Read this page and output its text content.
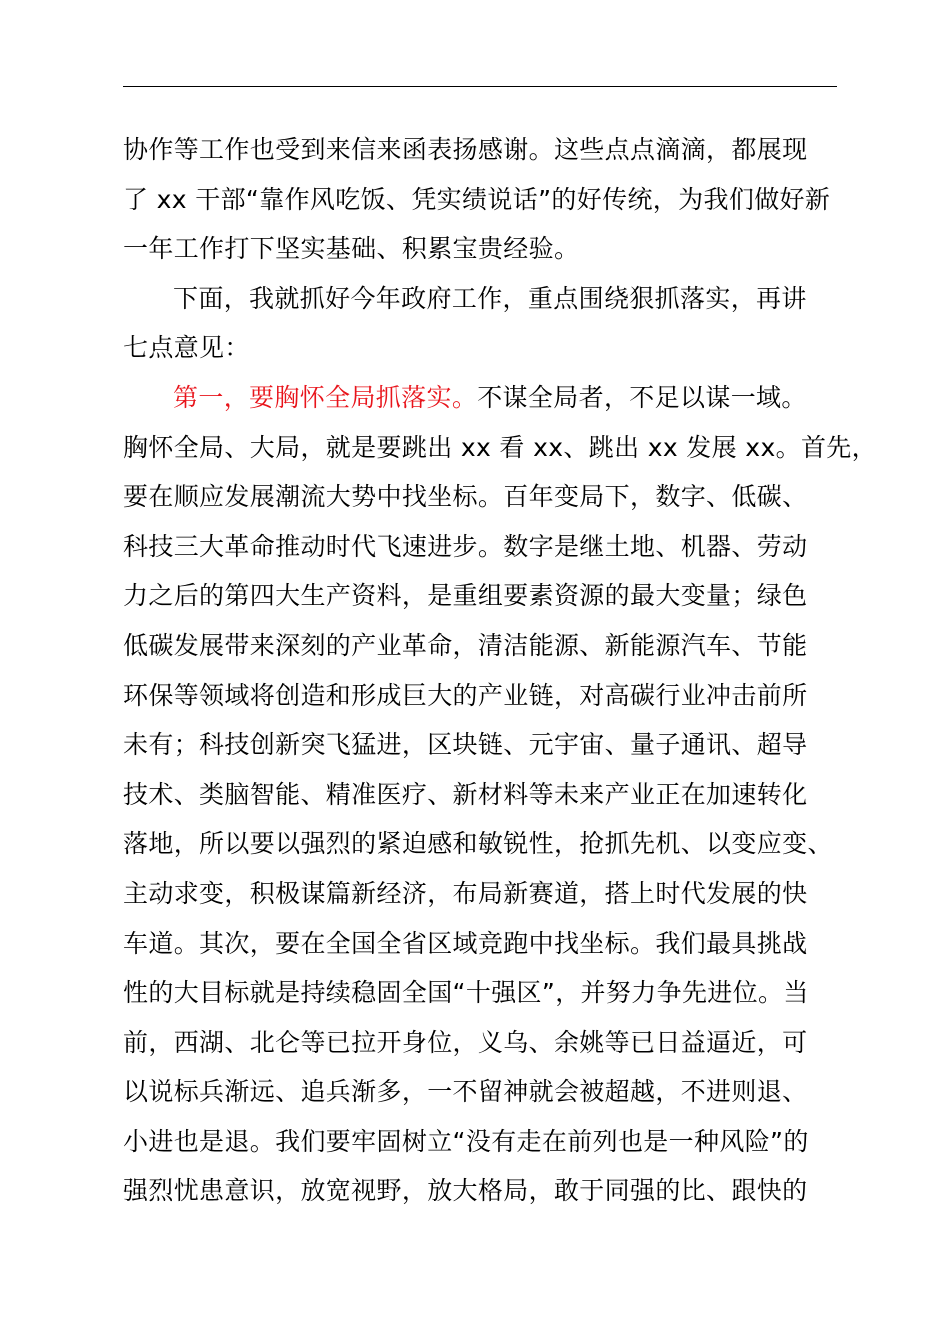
协作等工作也受到来信来函表扬感谢。这些点点滴滴，都展现
了 xx 干部“靠作风吃饭、凭实绩说话”的好传统，为我们做好新
一年工作打下坚实基础、积累宝贵经验。
下面，我就抓好今年政府工作，重点围绕狠抓落实，再讲
七点意见：
第一，要胸怀全局抓落实。不谋全局者，不足以谋一域。
胸怀全局、大局，就是要跳出 xx 看 xx、跳出 xx 发展 xx。首先，
要在顺应发展潮流大势中找坐标。百年变局下，数字、低碳、
科技三大革命推动时代飞速进步。数字是继土地、机器、劳动
力之后的第四大生产资料，是重组要素资源的最大变量；绿色
低碳发展带来深刻的产业革命，清洁能源、新能源汽车、节能
环保等领域将创造和形成巨大的产业链，对高碳行业冲击前所
未有；科技创新突飞猛进，区块链、元宇宙、量子通讯、超导
技术、类脑智能、精准医疗、新材料等未来产业正在加速转化
落地，所以要以强烈的紧迫感和敏锐性，抢抓先机、以变应变、
主动求变，积极谋篇新经济，布局新赛道，搭上时代发展的快
车道。其次，要在全国全省区域竞跑中找坐标。我们最具挑战
性的大目标就是持续稳固全国“十强区”，并努力争先进位。当
前，西湖、北仑等已拉开身位，义乌、余姚等已日益逼近，可
以说标兵渐远、追兵渐多，一不留神就会被超越，不进则退、
小进也是退。我们要牢固树立“没有走在前列也是一种风险”的
强烈忧患意识，放宽视野，放大格局，敢于同强的比、跟快的
